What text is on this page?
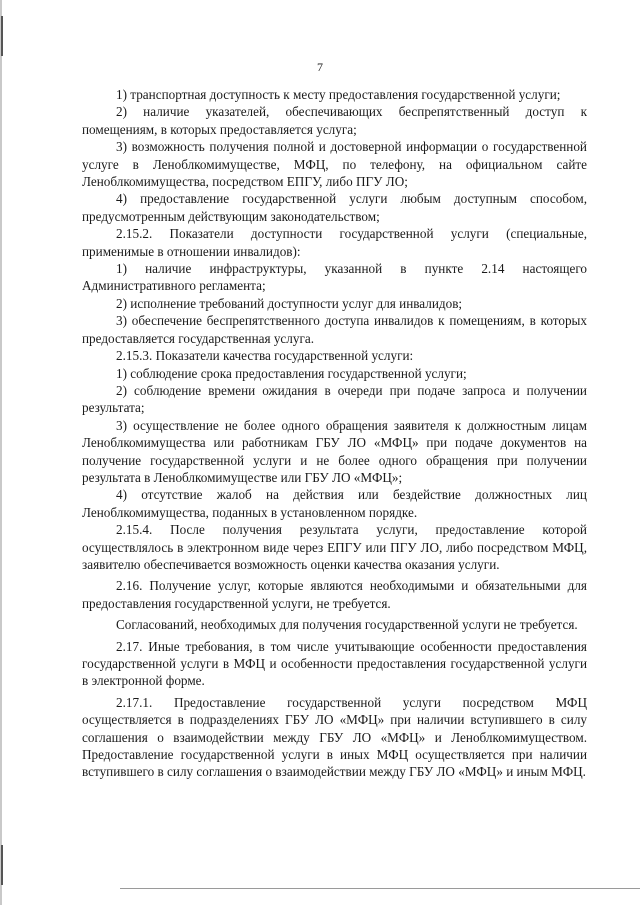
7

1) транспортная доступность к месту предоставления государственной услуги;

2) наличие указателей, обеспечивающих беспрепятственный доступ к помещениям, в которых предоставляется услуга;

3) возможность получения полной и достоверной информации о государственной услуге в Леноблкомимуществе, МФЦ, по телефону, на официальном сайте Леноблкомимущества, посредством ЕПГУ, либо ПГУ ЛО;

4) предоставление государственной услуги любым доступным способом, предусмотренным действующим законодательством;

2.15.2. Показатели доступности государственной услуги (специальные, применимые в отношении инвалидов):

1) наличие инфраструктуры, указанной в пункте 2.14 настоящего Административного регламента;

2) исполнение требований доступности услуг для инвалидов;

3) обеспечение беспрепятственного доступа инвалидов к помещениям, в которых предоставляется государственная услуга.

2.15.3. Показатели качества государственной услуги:

1) соблюдение срока предоставления государственной услуги;

2) соблюдение времени ожидания в очереди при подаче запроса и получении результата;

3) осуществление не более одного обращения заявителя к должностным лицам Леноблкомимущества или работникам ГБУ ЛО «МФЦ» при подаче документов на получение государственной услуги и не более одного обращения при получении результата в Леноблкомимуществе или ГБУ ЛО «МФЦ»;

4) отсутствие жалоб на действия или бездействие должностных лиц Леноблкомимущества, поданных в установленном порядке.

2.15.4. После получения результата услуги, предоставление которой осуществлялось в электронном виде через ЕПГУ или ПГУ ЛО, либо посредством МФЦ, заявителю обеспечивается возможность оценки качества оказания услуги.

2.16. Получение услуг, которые являются необходимыми и обязательными для предоставления государственной услуги, не требуется.

Согласований, необходимых для получения государственной услуги не требуется.

2.17. Иные требования, в том числе учитывающие особенности предоставления государственной услуги в МФЦ и особенности предоставления государственной услуги в электронной форме.

2.17.1. Предоставление государственной услуги посредством МФЦ осуществляется в подразделениях ГБУ ЛО «МФЦ» при наличии вступившего в силу соглашения о взаимодействии между ГБУ ЛО «МФЦ» и Леноблкомимуществом. Предоставление государственной услуги в иных МФЦ осуществляется при наличии вступившего в силу соглашения о взаимодействии между ГБУ ЛО «МФЦ» и иным МФЦ.
